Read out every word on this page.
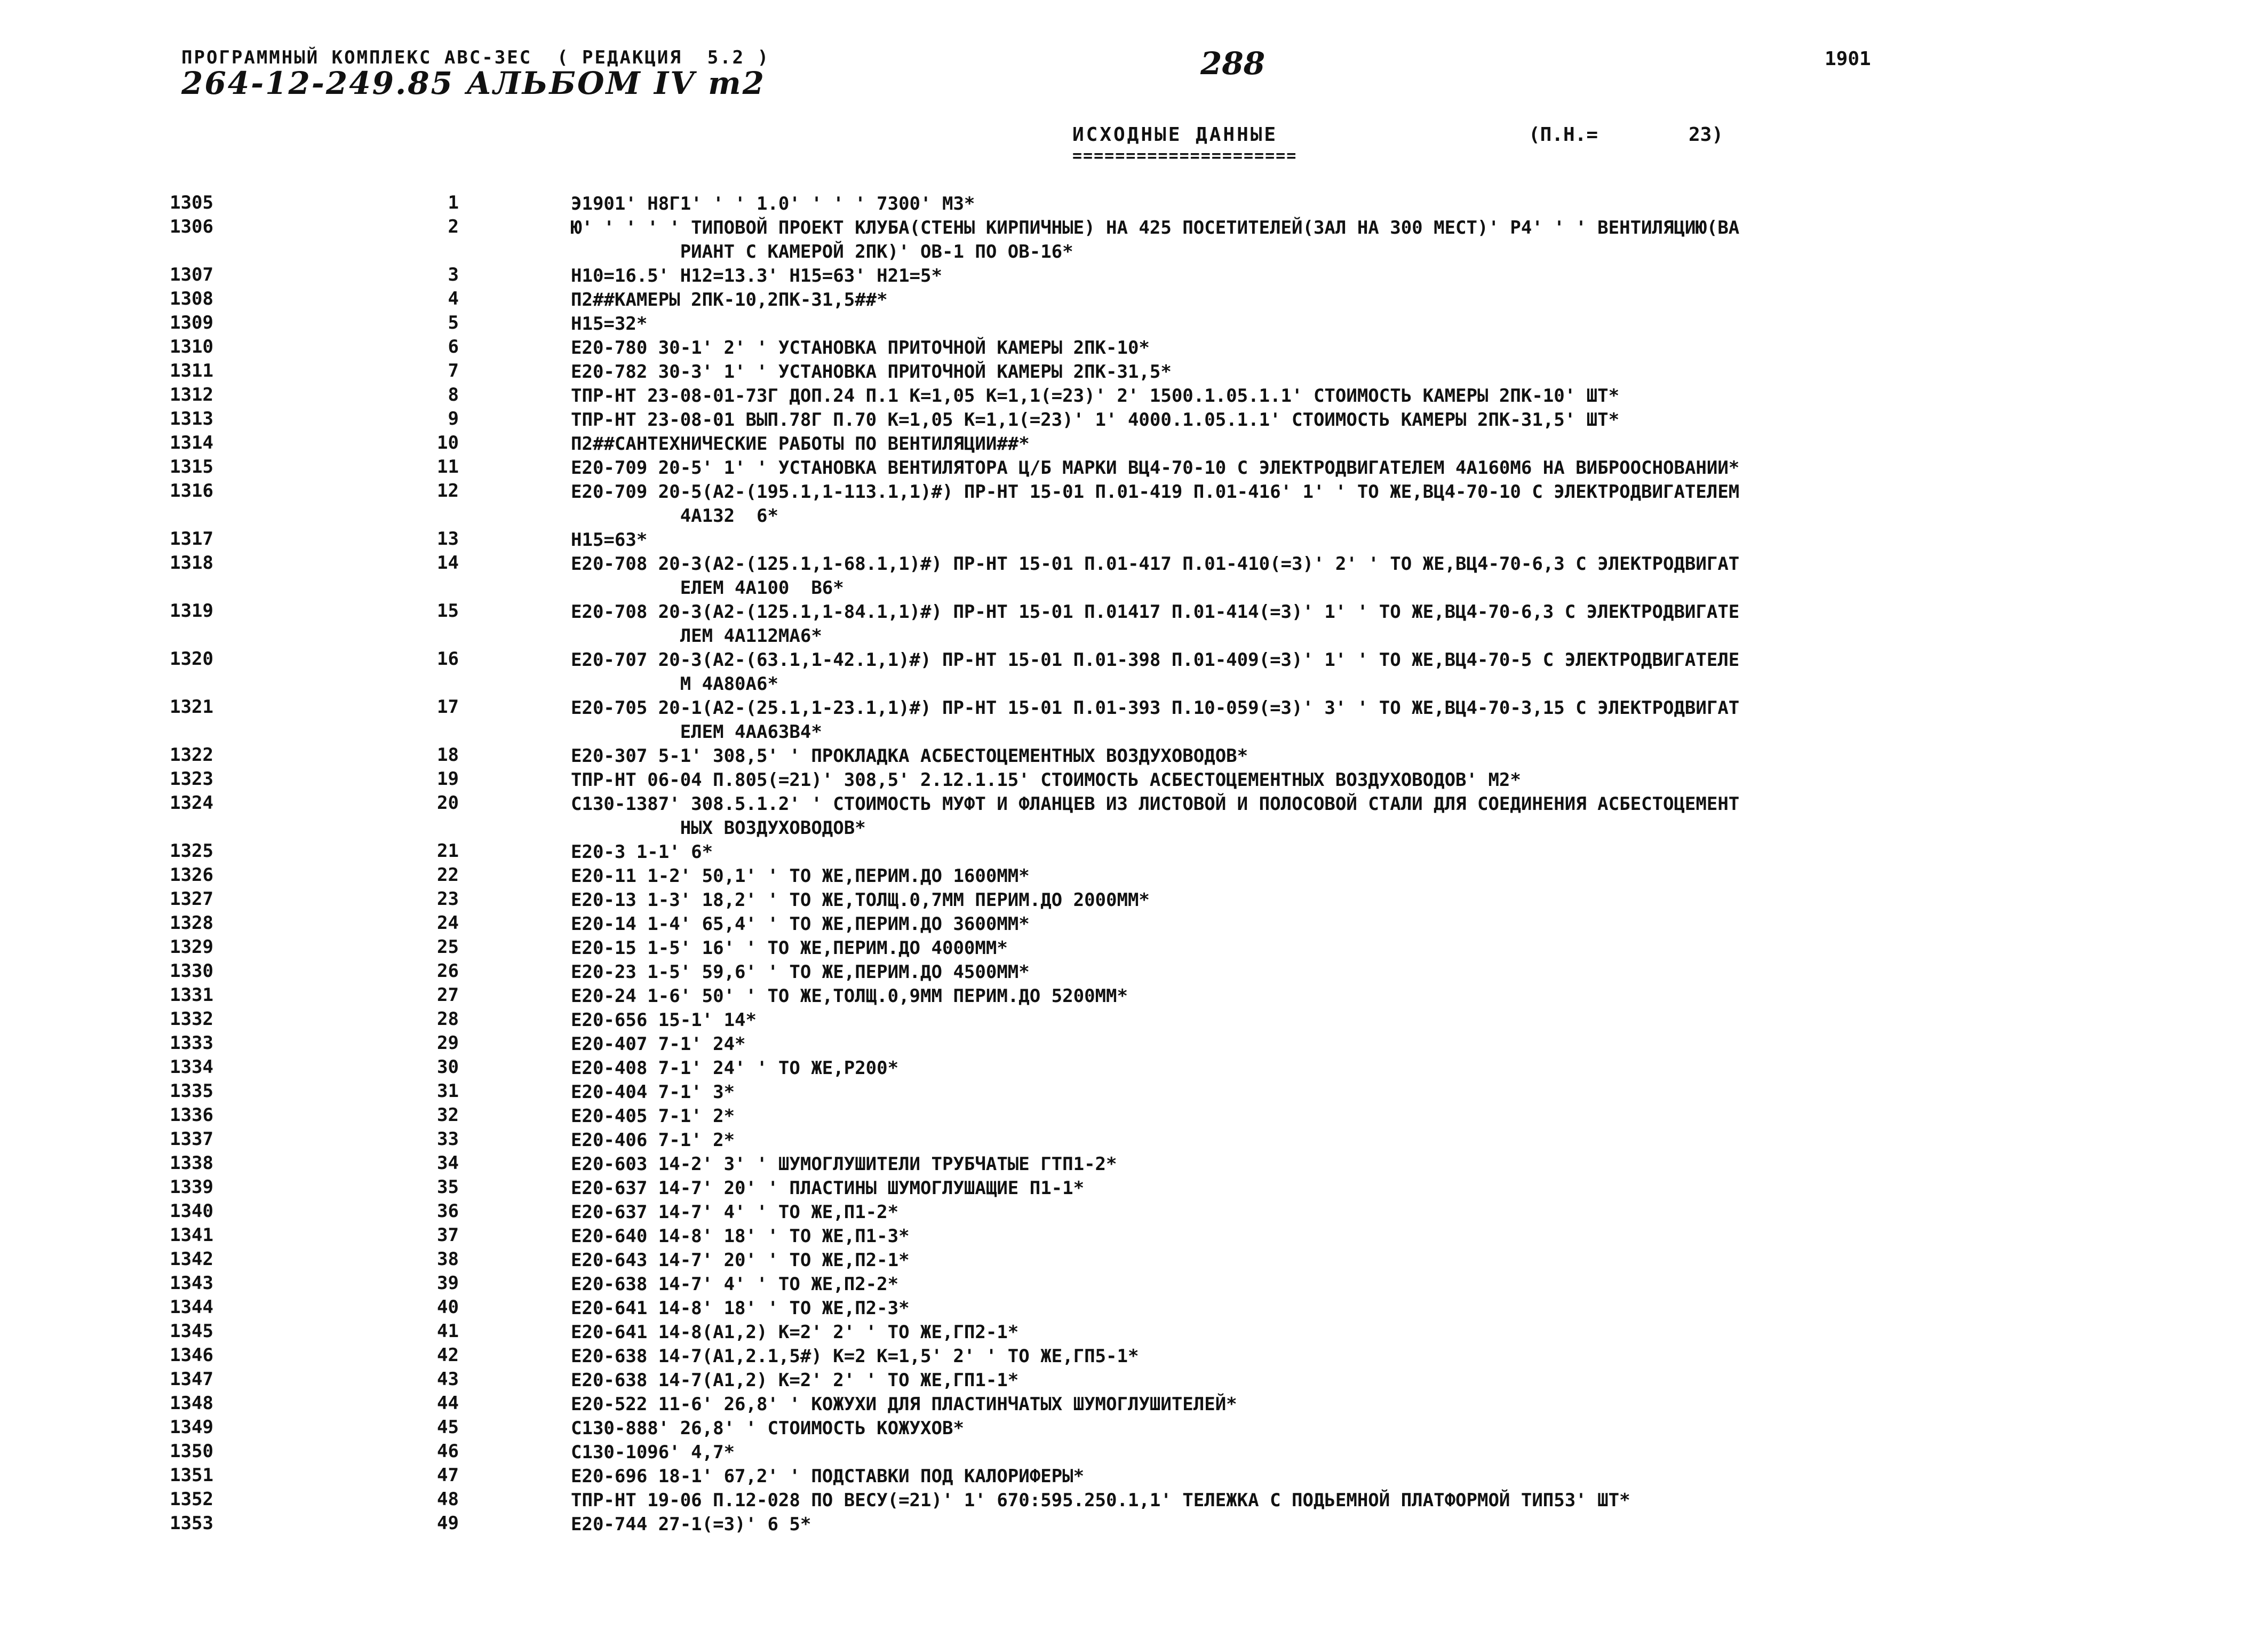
ПРОГРАММНЫЙ КОМПЛЕКС АВС-3ЕС  ( РЕДАКЦИЯ  5.2 )
264-12-249.85 АЛЬБОМ IV т2
288	1901
ИСХОДНЫЕ ДАННЫЕ
=====================
(П.Н.=	23)
1305	1	Э1901' Н8Г1' ' ' 1.0' ' ' ' 7300' М3*
1306	2	Ю' ' ' ' ' ТИПОВОЙ ПРОЕКТ КЛУБА(СТЕНЫ КИРПИЧНЫЕ) НА 425 ПОСЕТИТЕЛЕЙ(ЗАЛ НА 300 МЕСТ)' Р4' ' ' ВЕНТИЛЯЦИЮ(ВА
РИАНТ С КАМЕРОЙ 2ПК)' ОВ-1 ПО ОВ-16*
1307	3	Н10=16.5' Н12=13.3' Н15=63' Н21=5*
1308	4	П2##КАМЕРЫ 2ПК-10,2ПК-31,5##*
1309	5	Н15=32*
1310	6	Е20-780 30-1' 2' ' УСТАНОВКА ПРИТОЧНОЙ КАМЕРЫ 2ПК-10*
1311	7	Е20-782 30-3' 1' ' УСТАНОВКА ПРИТОЧНОЙ КАМЕРЫ 2ПК-31,5*
1312	8	ТПР-НТ 23-08-01-73Г ДОП.24 П.1 К=1,05 К=1,1(=23)' 2' 1500.1.05.1.1' СТОИМОСТЬ КАМЕРЫ 2ПК-10' ШТ*
1313	9	ТПР-НТ 23-08-01 ВЫП.78Г П.70 К=1,05 К=1,1(=23)' 1' 4000.1.05.1.1' СТОИМОСТЬ КАМЕРЫ 2ПК-31,5' ШТ*
1314	10	П2##САНТЕХНИЧЕСКИЕ РАБОТЫ ПО ВЕНТИЛЯЦИИ##*
1315	11	Е20-709 20-5' 1' ' УСТАНОВКА ВЕНТИЛЯТОРА Ц/Б МАРКИ ВЦ4-70-10 С ЭЛЕКТРОДВИГАТЕЛЕМ 4А160М6 НА ВИБРООСНОВАНИИ*
1316	12	Е20-709 20-5(А2-(195.1,1-113.1,1)#) ПР-НТ 15-01 П.01-419 П.01-416' 1' ' ТО ЖЕ,ВЦ4-70-10 С ЭЛЕКТРОДВИГАТЕЛЕМ
4А132  6*
1317	13	Н15=63*
1318	14	Е20-708 20-3(А2-(125.1,1-68.1,1)#) ПР-НТ 15-01 П.01-417 П.01-410(=3)' 2' ' ТО ЖЕ,ВЦ4-70-6,3 С ЭЛЕКТРОДВИГАТ
ЕЛЕМ 4А100  В6*
1319	15	Е20-708 20-3(А2-(125.1,1-84.1,1)#) ПР-НТ 15-01 П.01417 П.01-414(=3)' 1' ' ТО ЖЕ,ВЦ4-70-6,3 С ЭЛЕКТРОДВИГАТЕ
ЛЕМ 4А112МА6*
1320	16	Е20-707 20-3(А2-(63.1,1-42.1,1)#) ПР-НТ 15-01 П.01-398 П.01-409(=3)' 1' ' ТО ЖЕ,ВЦ4-70-5 С ЭЛЕКТРОДВИГАТЕЛЕ
М 4А80А6*
1321	17	Е20-705 20-1(А2-(25.1,1-23.1,1)#) ПР-НТ 15-01 П.01-393 П.10-059(=3)' 3' ' ТО ЖЕ,ВЦ4-70-3,15 С ЭЛЕКТРОДВИГАТ
ЕЛЕМ 4АА63В4*
1322	18	Е20-307 5-1' 308,5' ' ПРОКЛАДКА АСБЕСТОЦЕМЕНТНЫХ ВОЗДУХОВОДОВ*
1323	19	ТПР-НТ 06-04 П.805(=21)' 308,5' 2.12.1.15' СТОИМОСТЬ АСБЕСТОЦЕМЕНТНЫХ ВОЗДУХОВОДОВ' М2*
1324	20	С130-1387' 308.5.1.2' ' СТОИМОСТЬ МУФТ И ФЛАНЦЕВ ИЗ ЛИСТОВОЙ И ПОЛОСОВОЙ СТАЛИ ДЛЯ СОЕДИНЕНИЯ АСБЕСТОЦЕМЕНТ
НЫХ ВОЗДУХОВОДОВ*
1325	21	Е20-3 1-1' 6*
1326	22	Е20-11 1-2' 50,1' ' ТО ЖЕ,ПЕРИМ.ДО 1600ММ*
1327	23	Е20-13 1-3' 18,2' ' ТО ЖЕ,ТОЛЩ.0,7ММ ПЕРИМ.ДО 2000ММ*
1328	24	Е20-14 1-4' 65,4' ' ТО ЖЕ,ПЕРИМ.ДО 3600ММ*
1329	25	Е20-15 1-5' 16' ' ТО ЖЕ,ПЕРИМ.ДО 4000ММ*
1330	26	Е20-23 1-5' 59,6' ' ТО ЖЕ,ПЕРИМ.ДО 4500ММ*
1331	27	Е20-24 1-6' 50' ' ТО ЖЕ,ТОЛЩ.0,9ММ ПЕРИМ.ДО 5200ММ*
1332	28	Е20-656 15-1' 14*
1333	29	Е20-407 7-1' 24*
1334	30	Е20-408 7-1' 24' ' ТО ЖЕ,Р200*
1335	31	Е20-404 7-1' 3*
1336	32	Е20-405 7-1' 2*
1337	33	Е20-406 7-1' 2*
1338	34	Е20-603 14-2' 3' ' ШУМОГЛУШИТЕЛИ ТРУБЧАТЫЕ ГТП1-2*
1339	35	Е20-637 14-7' 20' ' ПЛАСТИНЫ ШУМОГЛУШАЩИЕ П1-1*
1340	36	Е20-637 14-7' 4' ' ТО ЖЕ,П1-2*
1341	37	Е20-640 14-8' 18' ' ТО ЖЕ,П1-3*
1342	38	Е20-643 14-7' 20' ' ТО ЖЕ,П2-1*
1343	39	Е20-638 14-7' 4' ' ТО ЖЕ,П2-2*
1344	40	Е20-641 14-8' 18' ' ТО ЖЕ,П2-3*
1345	41	Е20-641 14-8(А1,2) К=2' 2' ' ТО ЖЕ,ГП2-1*
1346	42	Е20-638 14-7(А1,2.1,5#) К=2 К=1,5' 2' ' ТО ЖЕ,ГП5-1*
1347	43	Е20-638 14-7(А1,2) К=2' 2' ' ТО ЖЕ,ГП1-1*
1348	44	Е20-522 11-6' 26,8' ' КОЖУХИ ДЛЯ ПЛАСТИНЧАТЫХ ШУМОГЛУШИТЕЛЕЙ*
1349	45	С130-888' 26,8' ' СТОИМОСТЬ КОЖУХОВ*
1350	46	С130-1096' 4,7*
1351	47	Е20-696 18-1' 67,2' ' ПОДСТАВКИ ПОД КАЛОРИФЕРЫ*
1352	48	ТПР-НТ 19-06 П.12-028 ПО ВЕСУ(=21)' 1' 670:595.250.1,1' ТЕЛЕЖКА С ПОДЬЕМНОЙ ПЛАТФОРМОЙ ТИП53' ШТ*
1353	49	Е20-744 27-1(=3)' 6 5*
